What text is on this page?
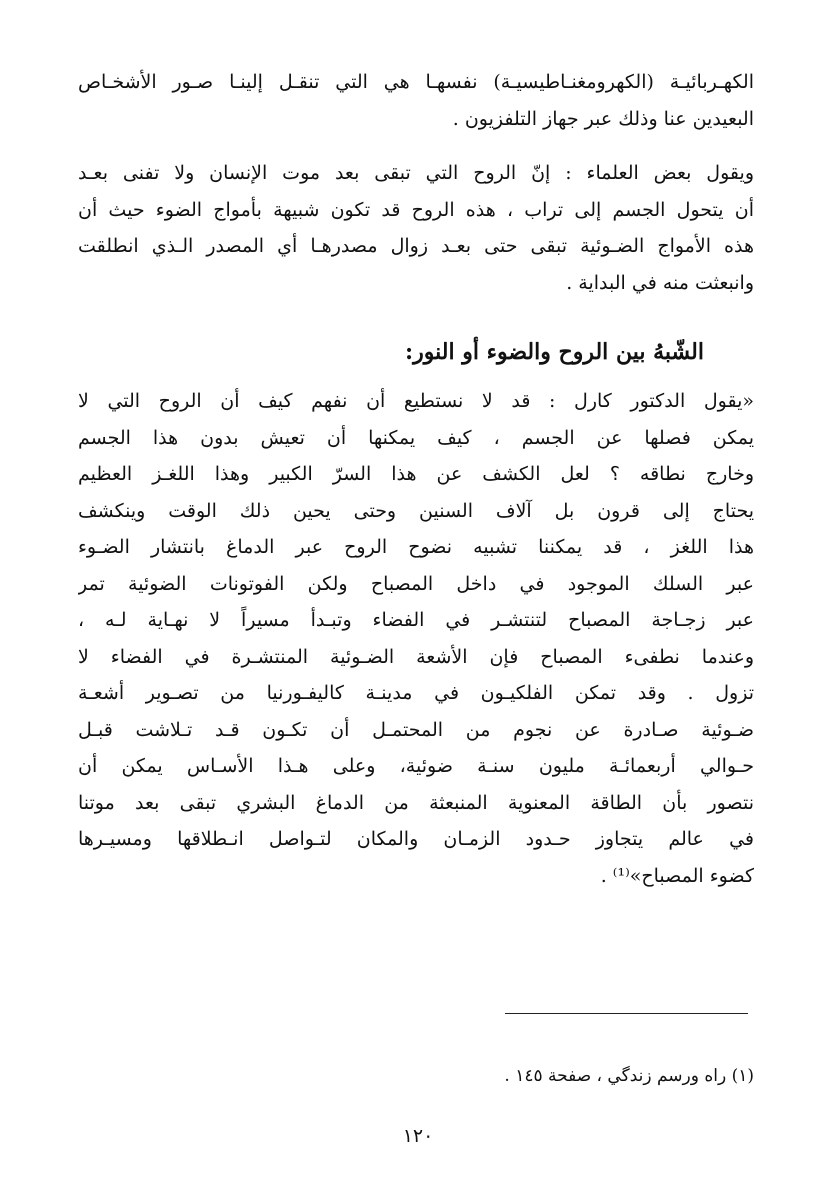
الكهـربائيـة (الكهرومغنـاطيسيـة) نفسهـا هي التي تنقـل إلينـا صـور الأشخـاص
البعيدين عنا وذلك عبر جهاز التلفزيون .
ويقول بعض العلماء : إنّ الروح التي تبقى بعد موت الإنسان ولا تفنى بعـد
أن يتحول الجسم إلى تراب ، هذه الروح قد تكون شبيهة بأمواج الضوء حيث أن
هذه الأمواج الضـوئية تبقى حتى بعـد زوال مصدرهـا أي المصدر الـذي انطلقت
وانبعثت منه في البداية .
الشّبهُ بين الروح والضوء أو النور:
«يقول الدكتور كارل : قد لا نستطيع أن نفهم كيف أن الروح التي لا
يمكن فصلها عن الجسم ، كيف يمكنها أن تعيش بدون هذا الجسم
وخارج نطاقه ؟ لعل الكشف عن هذا السرّ الكبير وهذا اللغـز العظيم
يحتاج إلى قرون بل آلاف السنين وحتى يحين ذلك الوقت وينكشف
هذا اللغز ، قد يمكننا تشبيه نضوح الروح عبر الدماغ بانتشار الضـوء
عبر السلك الموجود في داخل المصباح ولكن الفوتونات الضوئية تمر
عبر زجـاجة المصباح لتنتشـر في الفضاء وتبـدأ مسيراً لا نهـاية لـه ،
وعندما نطفىء المصباح فإن الأشعة الضـوئية المنتشـرة في الفضاء لا
تزول . وقد تمكن الفلكيـون في مدينـة كاليفـورنيا من تصـوير أشعـة
ضـوئية صـادرة عن نجوم من المحتمـل أن تكـون قـد تـلاشت قبـل
حـوالي أربعمائـة مليون سنـة ضوئية، وعلى هـذا الأسـاس يمكن أن
نتصور بأن الطاقة المعنوية المنبعثة من الدماغ البشري تبقى بعد موتنا
في عالم يتجاوز حـدود الزمـان والمكان لتـواصل انـطلاقها ومسيـرها
كضوء المصباح»⁽¹⁾ .
(١) راه ورسم زندگي ، صفحة ١٤٥ .
١٢٠
